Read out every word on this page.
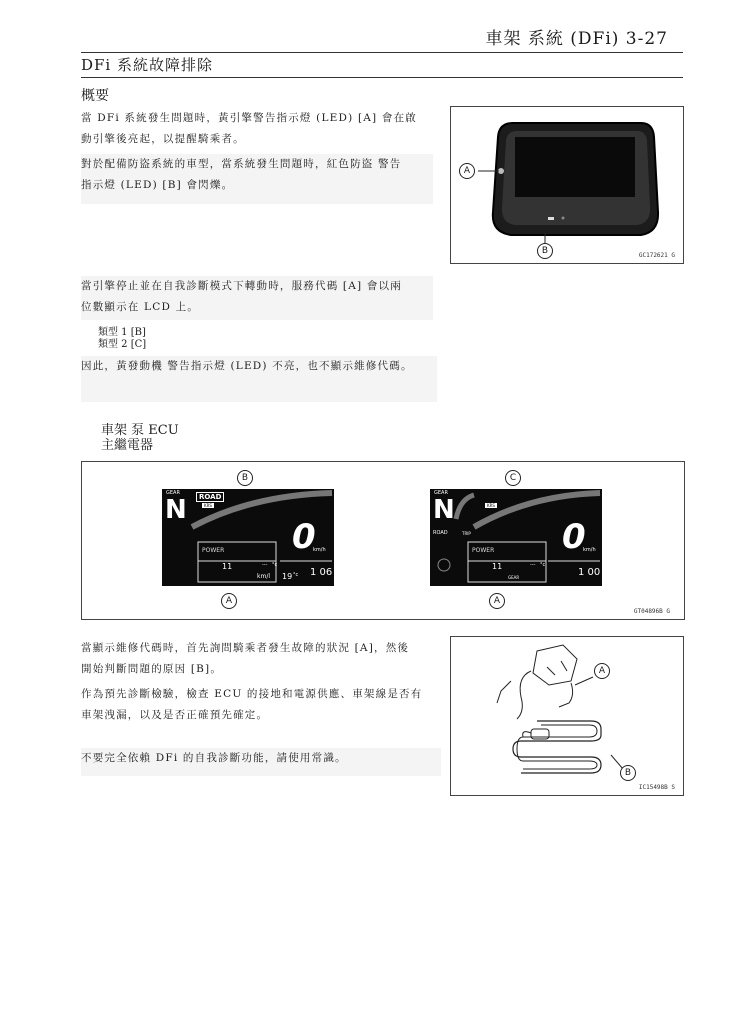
車架 系統 (DFi) 3-27
DFi 系統故障排除
概要
當 DFi 系統發生問題時，黃引擎警告指示燈 (LED) [A] 會在啟
動引擎後亮起，以提醒騎乘者。
對於配備防盜系統的車型，當系統發生問題時，紅色防盜 警告
指示燈 (LED) [B] 會閃爍。
A
B	GC172621 G
當引擎停止並在自我診斷模式下轉動時，服務代碼 [A] 會以兩
位數顯示在 LCD 上。
類型 1 [B]
類型 2 [C]
因此，黃發動機 警告指示燈 (LED) 不亮，也不顯示維修代碼。
車架 泵 ECU
主繼電器
B	C
GEAR
N	ROAD
KRS
0
km/h
POWER
11	--- °c
km/l 19 °c 1 06
A
GEAR
N
ROAD
KRS
0
km/h
POWER
11	--- °c
GEAR
TRIP
1 00
A
GT04896B G
當顯示維修代碼時，首先詢問騎乘者發生故障的狀況 [A]，然後
開始判斷問題的原因 [B]。
作為預先診斷檢驗，檢查 ECU 的接地和電源供應、車架線是否有
車架洩漏，以及是否正確預先確定。
不要完全依賴 DFi 的自我診斷功能，請使用常識。
A
B
IC15498B S
